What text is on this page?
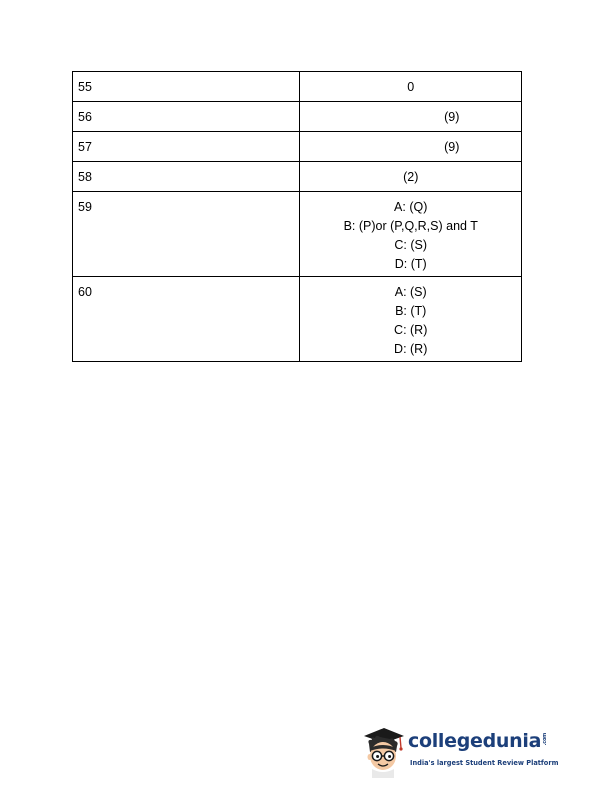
55	0

56	(9)
57	(9)
58	(2)
59	A: (Q)
B: (P)or (P,Q,R,S) and T
C: (S)
D: (T)

60	A: (S)
B: (T)
C: (R)
D: (R)
collegedunia.com
India's largest Student Review Platform
